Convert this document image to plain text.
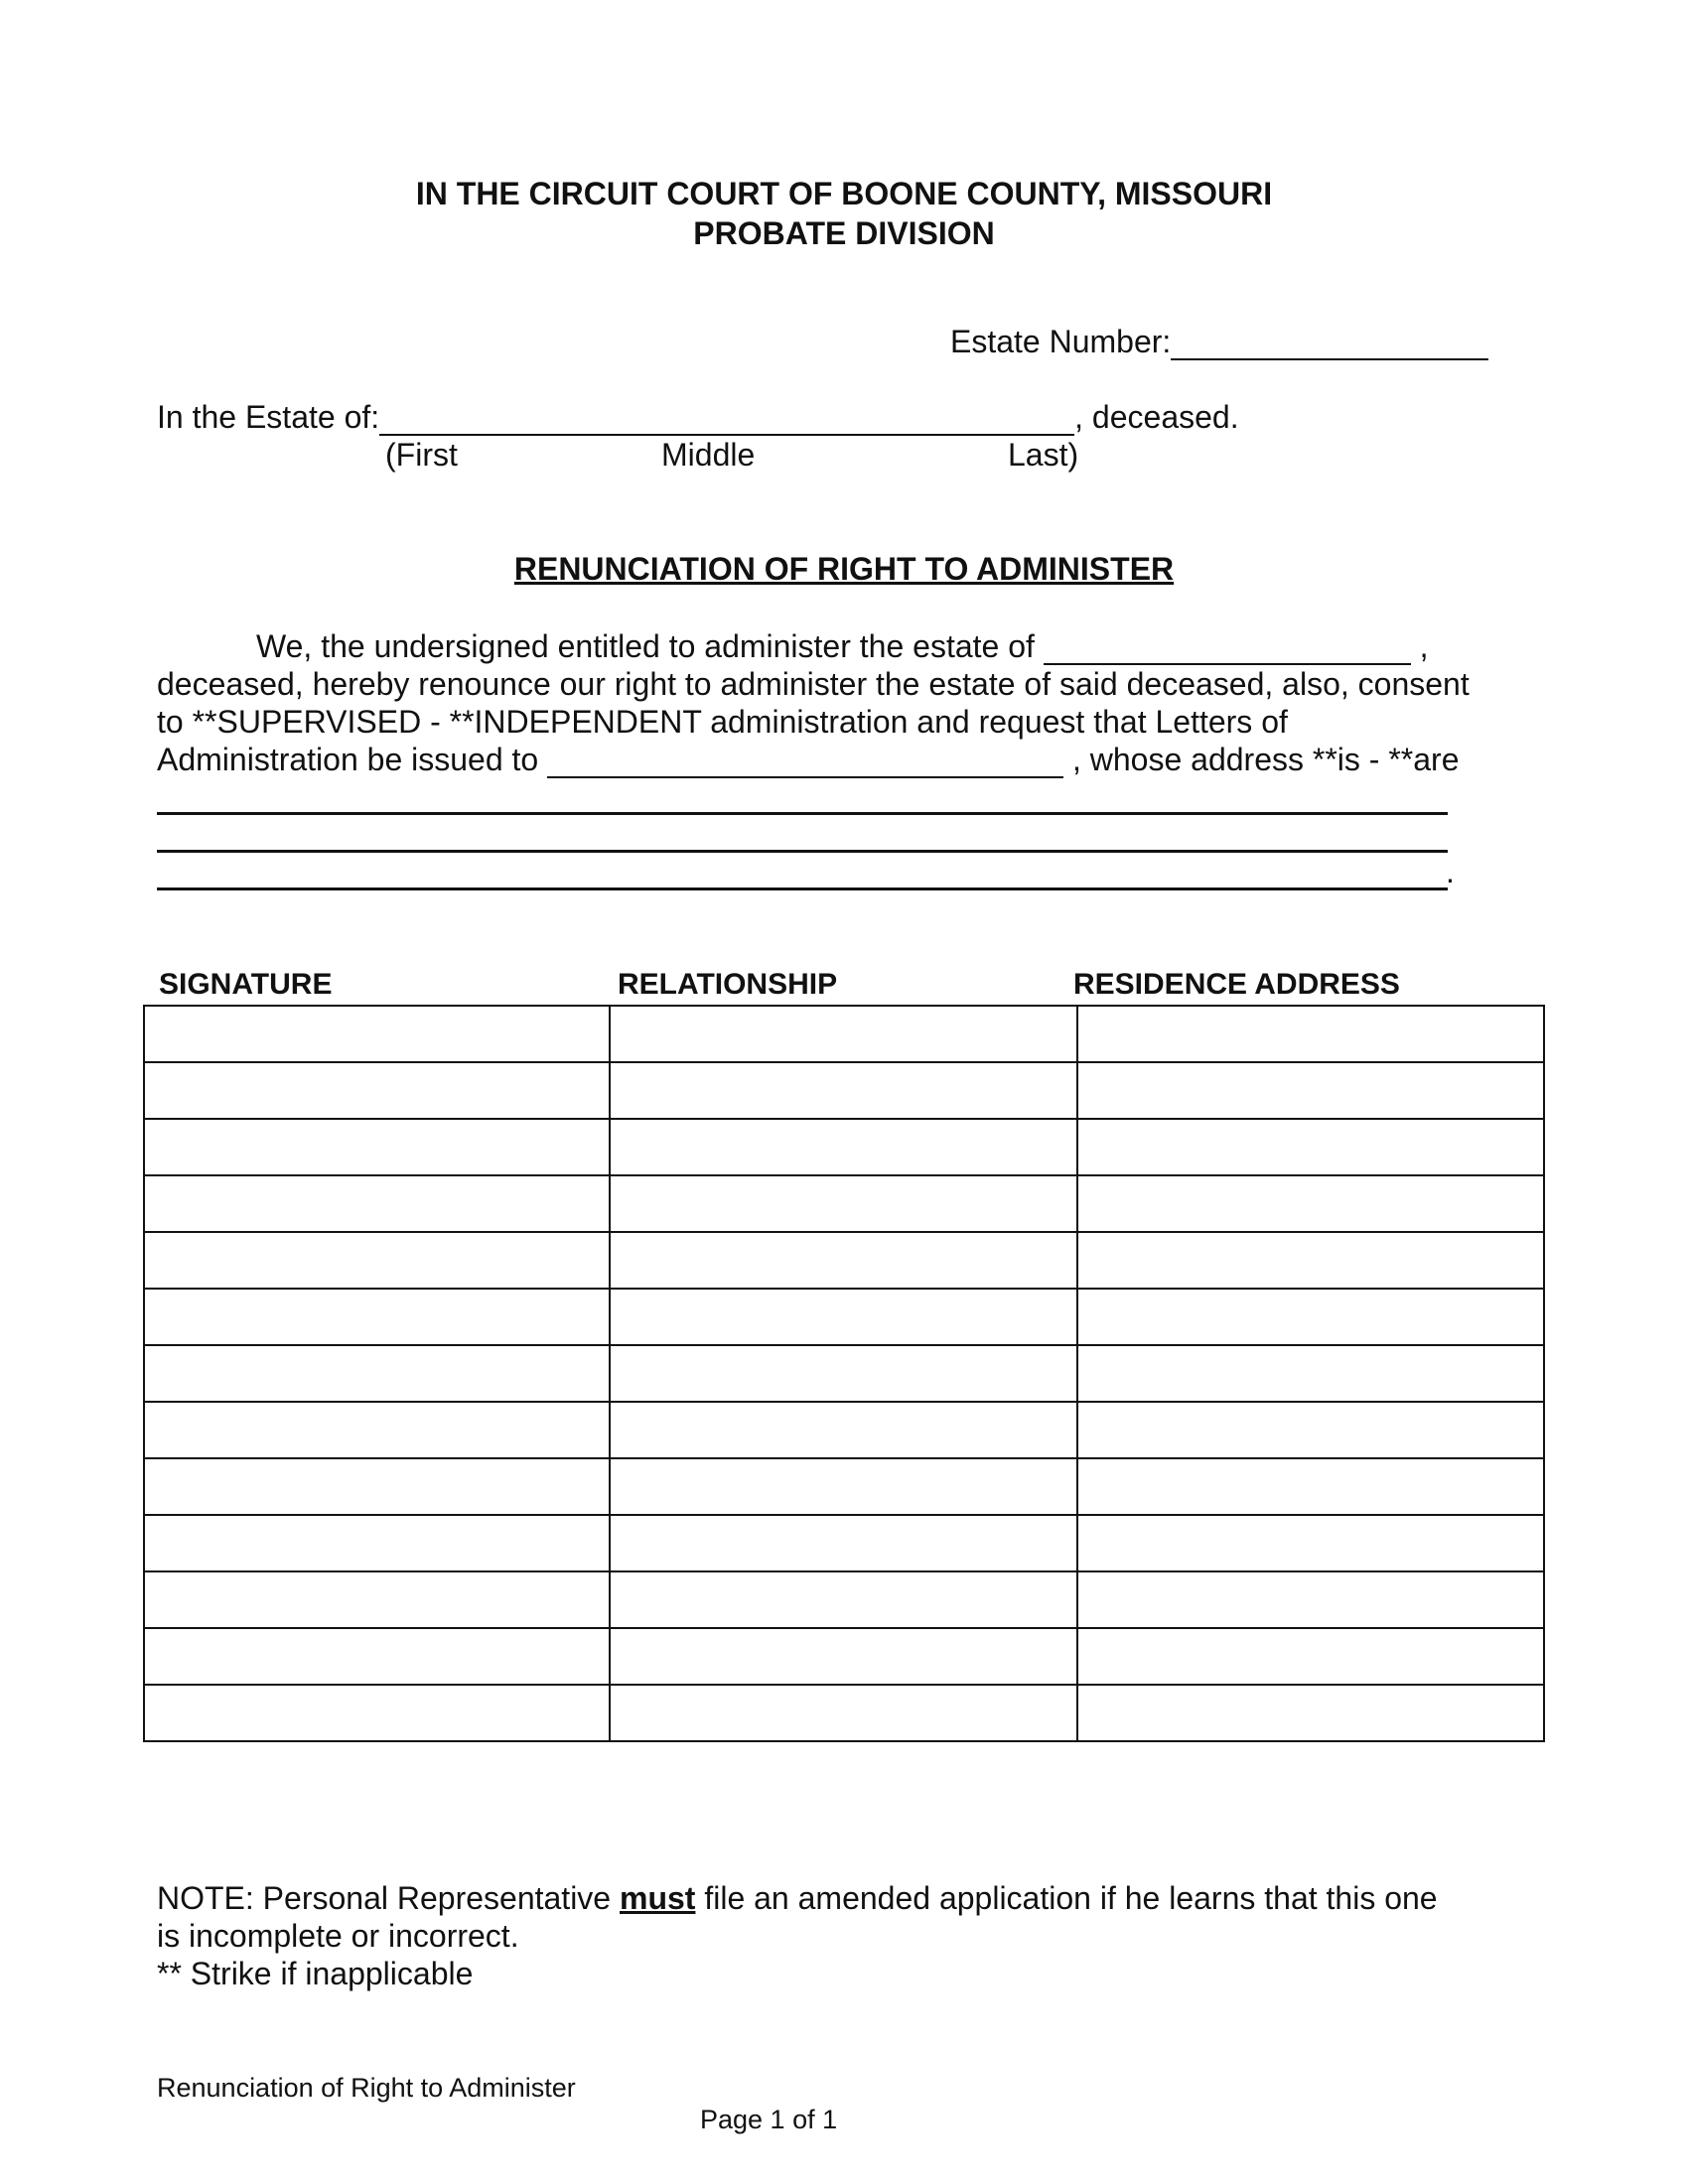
IN THE CIRCUIT COURT OF BOONE COUNTY, MISSOURI
PROBATE DIVISION
Estate Number:
In the Estate of:	, deceased.
(First	Middle	Last)
RENUNCIATION OF RIGHT TO ADMINISTER
We, the undersigned entitled to administer the estate of	,
deceased, hereby renounce our right to administer the estate of said deceased, also, consent
to **SUPERVISED - **INDEPENDENT administration and request that Letters of
Administration be issued to	, whose address **is - **are
.
SIGNATURE	RELATIONSHIP	RESIDENCE ADDRESS

NOTE: Personal Representative must file an amended application if he learns that this one
is incomplete or incorrect.
** Strike if inapplicable
Renunciation of Right to Administer
Page 1 of 1
